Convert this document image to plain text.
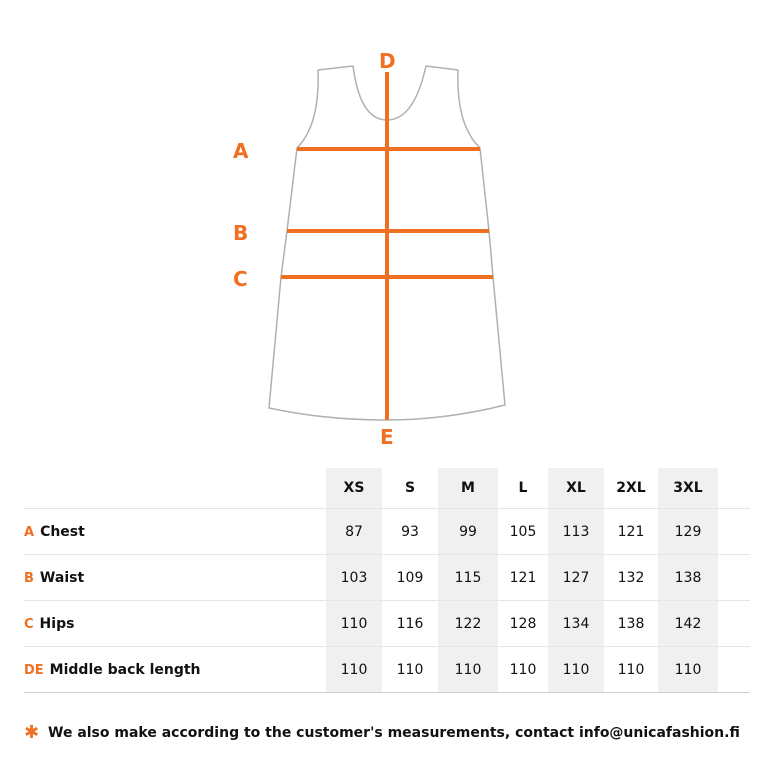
A
B
C
D
E
	XS	S	M	L	XL	2XL	3XL	
A Chest	87	93	99	105	113	121	129	
B Waist	103	109	115	121	127	132	138	
C Hips	110	116	122	128	134	138	142	
DE Middle back length	110	110	110	110	110	110	110	
✱ We also make according to the customer's measurements, contact info@unicafashion.fi
